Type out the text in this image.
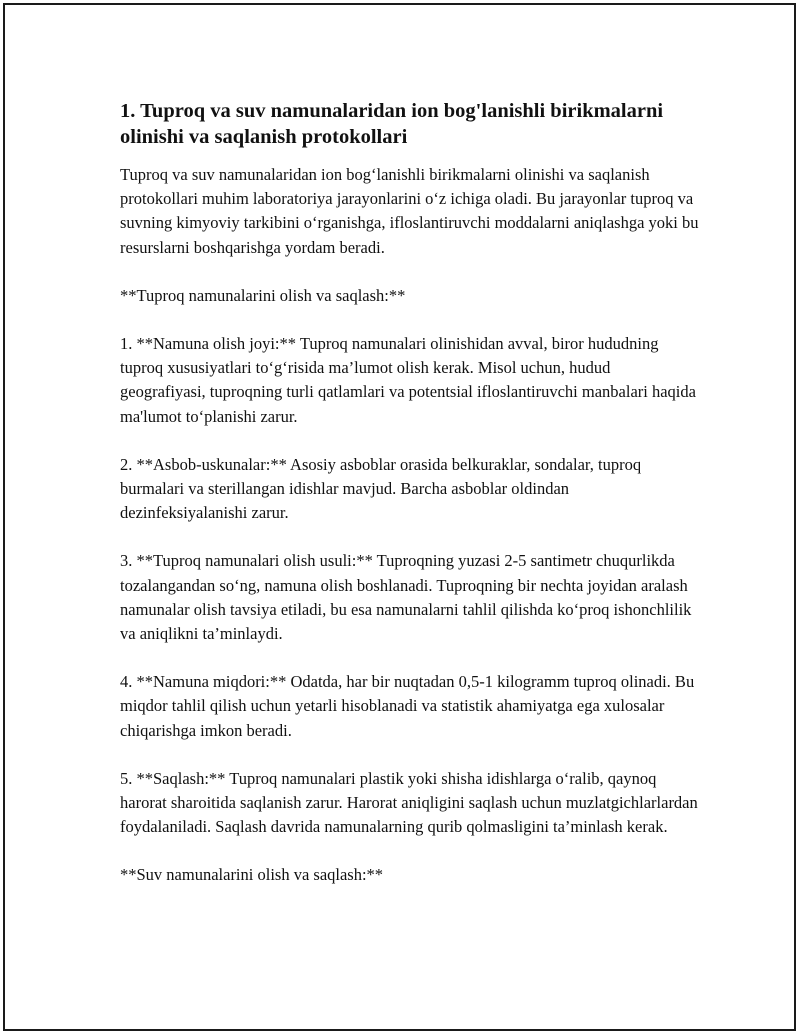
1. Tuproq va suv namunalaridan ion bog'lanishli birikmalarni olinishi va saqlanish protokollari

Tuproq va suv namunalaridan ion bog‘lanishli birikmalarni olinishi va saqlanish protokollari muhim laboratoriya jarayonlarini o‘z ichiga oladi. Bu jarayonlar tuproq va suvning kimyoviy tarkibini o‘rganishga, ifloslantiruvchi moddalarni aniqlashga yoki bu resurslarni boshqarishga yordam beradi.

**Tuproq namunalarini olish va saqlash:**

1. **Namuna olish joyi:** Tuproq namunalari olinishidan avval, biror hududning tuproq xususiyatlari to‘g‘risida ma’lumot olish kerak. Misol uchun, hudud geografiyasi, tuproqning turli qatlamlari va potentsial ifloslantiruvchi manbalari haqida ma'lumot to‘planishi zarur.

2. **Asbob-uskunalar:** Asosiy asboblar orasida belkuraklar, sondalar, tuproq burmalari va sterillangan idishlar mavjud. Barcha asboblar oldindan dezinfeksiyalanishi zarur.

3. **Tuproq namunalari olish usuli:** Tuproqning yuzasi 2-5 santimetr chuqurlikda tozalangandan so‘ng, namuna olish boshlanadi. Tuproqning bir nechta joyidan aralash namunalar olish tavsiya etiladi, bu esa namunalarni tahlil qilishda ko‘proq ishonchlilik va aniqlikni ta’minlaydi.

4. **Namuna miqdori:** Odatda, har bir nuqtadan 0,5-1 kilogramm tuproq olinadi. Bu miqdor tahlil qilish uchun yetarli hisoblanadi va statistik ahamiyatga ega xulosalar chiqarishga imkon beradi.

5. **Saqlash:** Tuproq namunalari plastik yoki shisha idishlarga o‘ralib, qaynoq harorat sharoitida saqlanish zarur. Harorat aniqligini saqlash uchun muzlatgichlarlardan foydalaniladi. Saqlash davrida namunalarning qurib qolmasligini ta’minlash kerak.

**Suv namunalarini olish va saqlash:**
